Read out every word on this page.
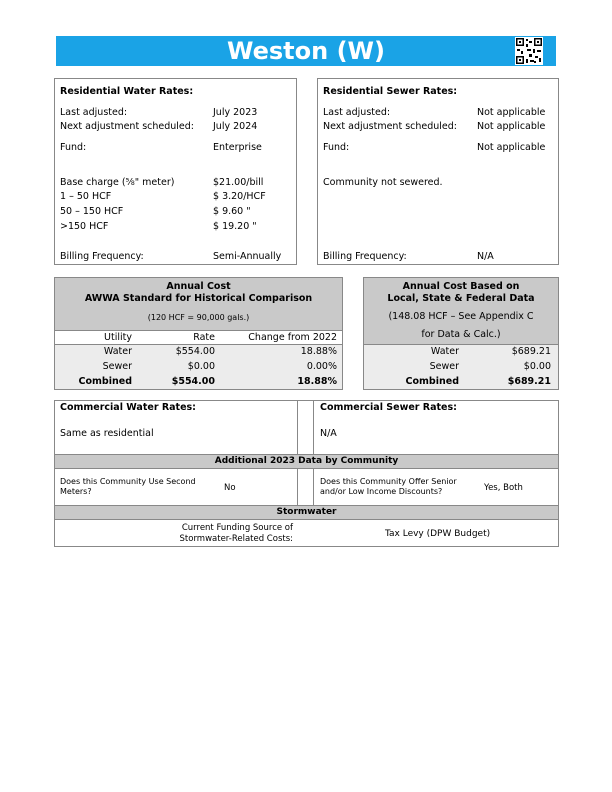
Weston (W)
Residential Water Rates:
Last adjusted:	July 2023
Next adjustment scheduled: July 2024
Fund:	Enterprise
Base charge (⅝" meter)	$21.00/bill
1 – 50 HCF	$ 3.20/HCF
50 – 150 HCF	$ 9.60 "
>150 HCF	$ 19.20 "
Billing Frequency:	Semi-Annually
Residential Sewer Rates:
Last adjusted:	Not applicable
Next adjustment scheduled: Not applicable
Fund:	Not applicable
Community not sewered.
Billing Frequency:	N/A
Annual Cost
AWWA Standard for Historical Comparison
(120 HCF = 90,000 gals.)
Utility	Rate	Change from 2022
Water	$554.00	18.88%
Sewer	$0.00	0.00%
Combined	$554.00	18.88%
Annual Cost Based on
Local, State & Federal Data
(148.08 HCF – See Appendix C
for Data & Calc.)
Water	$689.21
Sewer	$0.00
Combined	$689.21
Commercial Water Rates:
Same as residential
Commercial Sewer Rates:
N/A
Additional 2023 Data by Community
Does this Community Use Second
Meters?	No
Does this Community Offer Senior
and/or Low Income Discounts?	Yes, Both
Stormwater
Current Funding Source of
Stormwater-Related Costs:	Tax Levy (DPW Budget)
